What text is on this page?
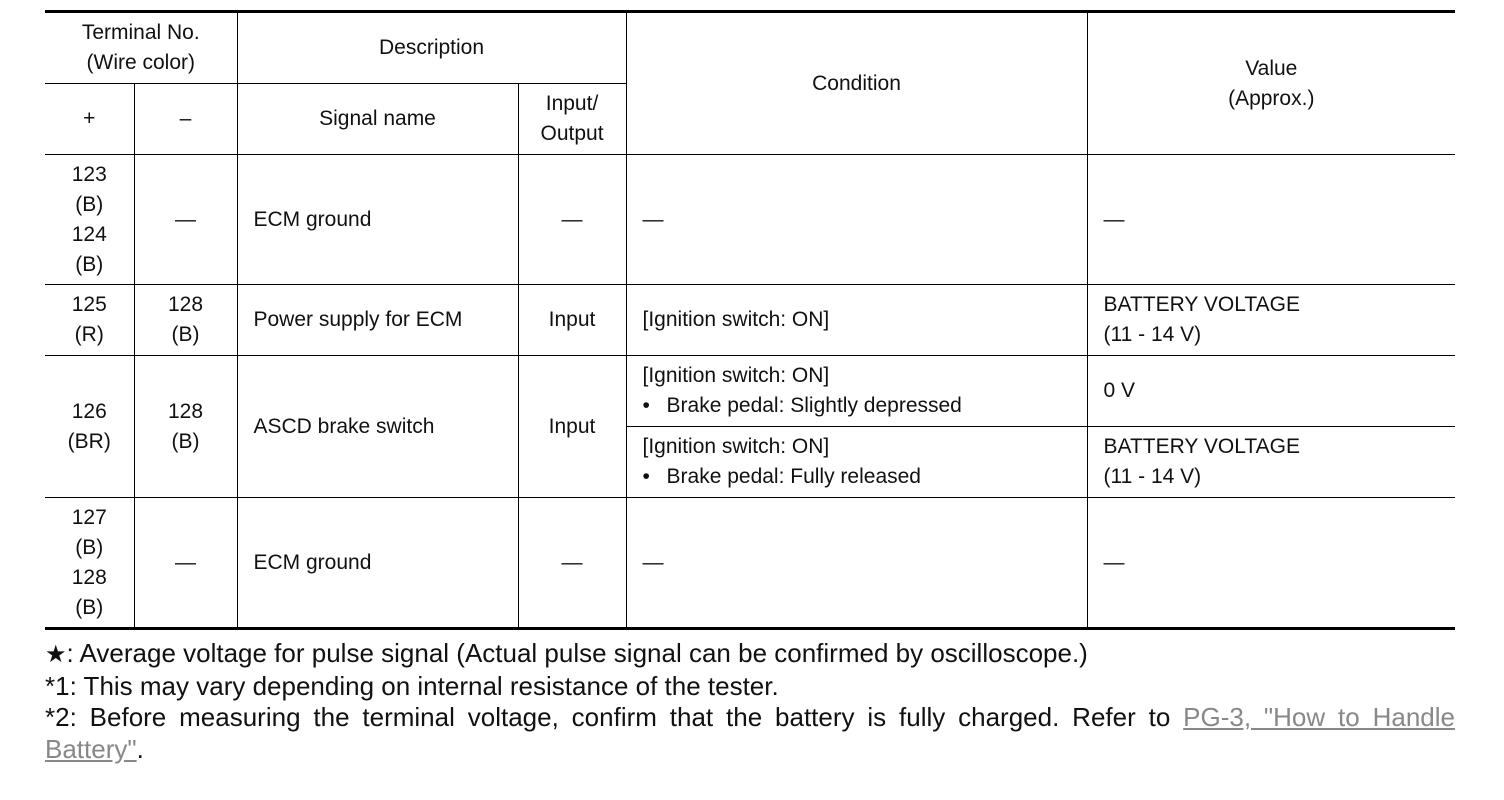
Terminal No.
(Wire color)		Description		Condition	Value
(Approx.)

+	–	Signal name	Input/
Output		

123
(B)
124
(B)	—	ECM ground	—	—	—

125
(R)	128
(B)	Power supply for ECM	Input	[Ignition switch: ON]	BATTERY VOLTAGE
(11 - 14 V)

126
(BR)	128
(B)	ASCD brake switch	Input	[Ignition switch: ON]
• Brake pedal: Slightly depressed	0 V

				[Ignition switch: ON]
• Brake pedal: Fully released	BATTERY VOLTAGE
(11 - 14 V)

127
(B)
128
(B)	—	ECM ground	—	—	—
★: Average voltage for pulse signal (Actual pulse signal can be confirmed by oscilloscope.)
*1: This may vary depending on internal resistance of the tester.
*2: Before measuring the terminal voltage, confirm that the battery is fully charged. Refer to PG-3, "How to Handle Battery".
